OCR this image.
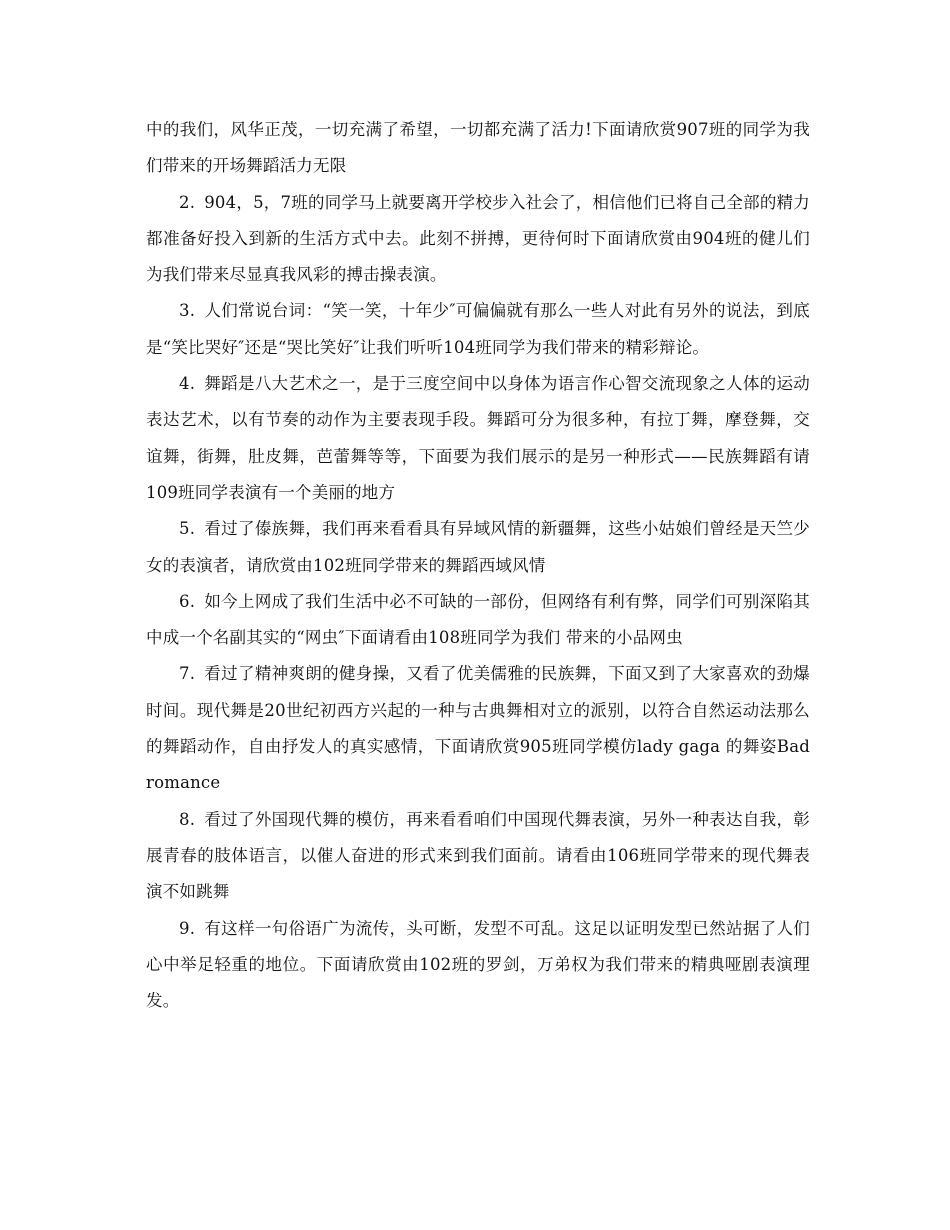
中的我们，风华正茂，一切充满了希望，一切都充满了活力!下面请欣赏907班的同学为我们带来的开场舞蹈活力无限

2. 904，5，7班的同学马上就要离开学校步入社会了，相信他们已将自己全部的精力都准备好投入到新的生活方式中去。此刻不拼搏，更待何时下面请欣赏由904班的健儿们为我们带来尽显真我风彩的搏击操表演。

3. 人们常说台词：“笑一笑，十年少″可偏偏就有那么一些人对此有另外的说法，到底是“笑比哭好″还是“哭比笑好″让我们听听104班同学为我们带来的精彩辩论。

4. 舞蹈是八大艺术之一，是于三度空间中以身体为语言作心智交流现象之人体的运动表达艺术，以有节奏的动作为主要表现手段。舞蹈可分为很多种，有拉丁舞，摩登舞，交谊舞，街舞，肚皮舞，芭蕾舞等等，下面要为我们展示的是另一种形式——民族舞蹈有请109班同学表演有一个美丽的地方

5. 看过了傣族舞，我们再来看看具有异域风情的新疆舞，这些小姑娘们曾经是天竺少女的表演者，请欣赏由102班同学带来的舞蹈西域风情

6. 如今上网成了我们生活中必不可缺的一部份，但网络有利有弊，同学们可别深陷其中成一个名副其实的“网虫″下面请看由108班同学为我们 带来的小品网虫

7. 看过了精神爽朗的健身操，又看了优美儒雅的民族舞，下面又到了大家喜欢的劲爆时间。现代舞是20世纪初西方兴起的一种与古典舞相对立的派别，以符合自然运动法那么的舞蹈动作，自由抒发人的真实感情，下面请欣赏905班同学模仿lady gaga 的舞姿Bad romance

8. 看过了外国现代舞的模仿，再来看看咱们中国现代舞表演，另外一种表达自我，彰展青春的肢体语言，以催人奋进的形式来到我们面前。请看由106班同学带来的现代舞表演不如跳舞

9. 有这样一句俗语广为流传，头可断，发型不可乱。这足以证明发型已然站据了人们心中举足轻重的地位。下面请欣赏由102班的罗剑，万弟权为我们带来的精典哑剧表演理发。
